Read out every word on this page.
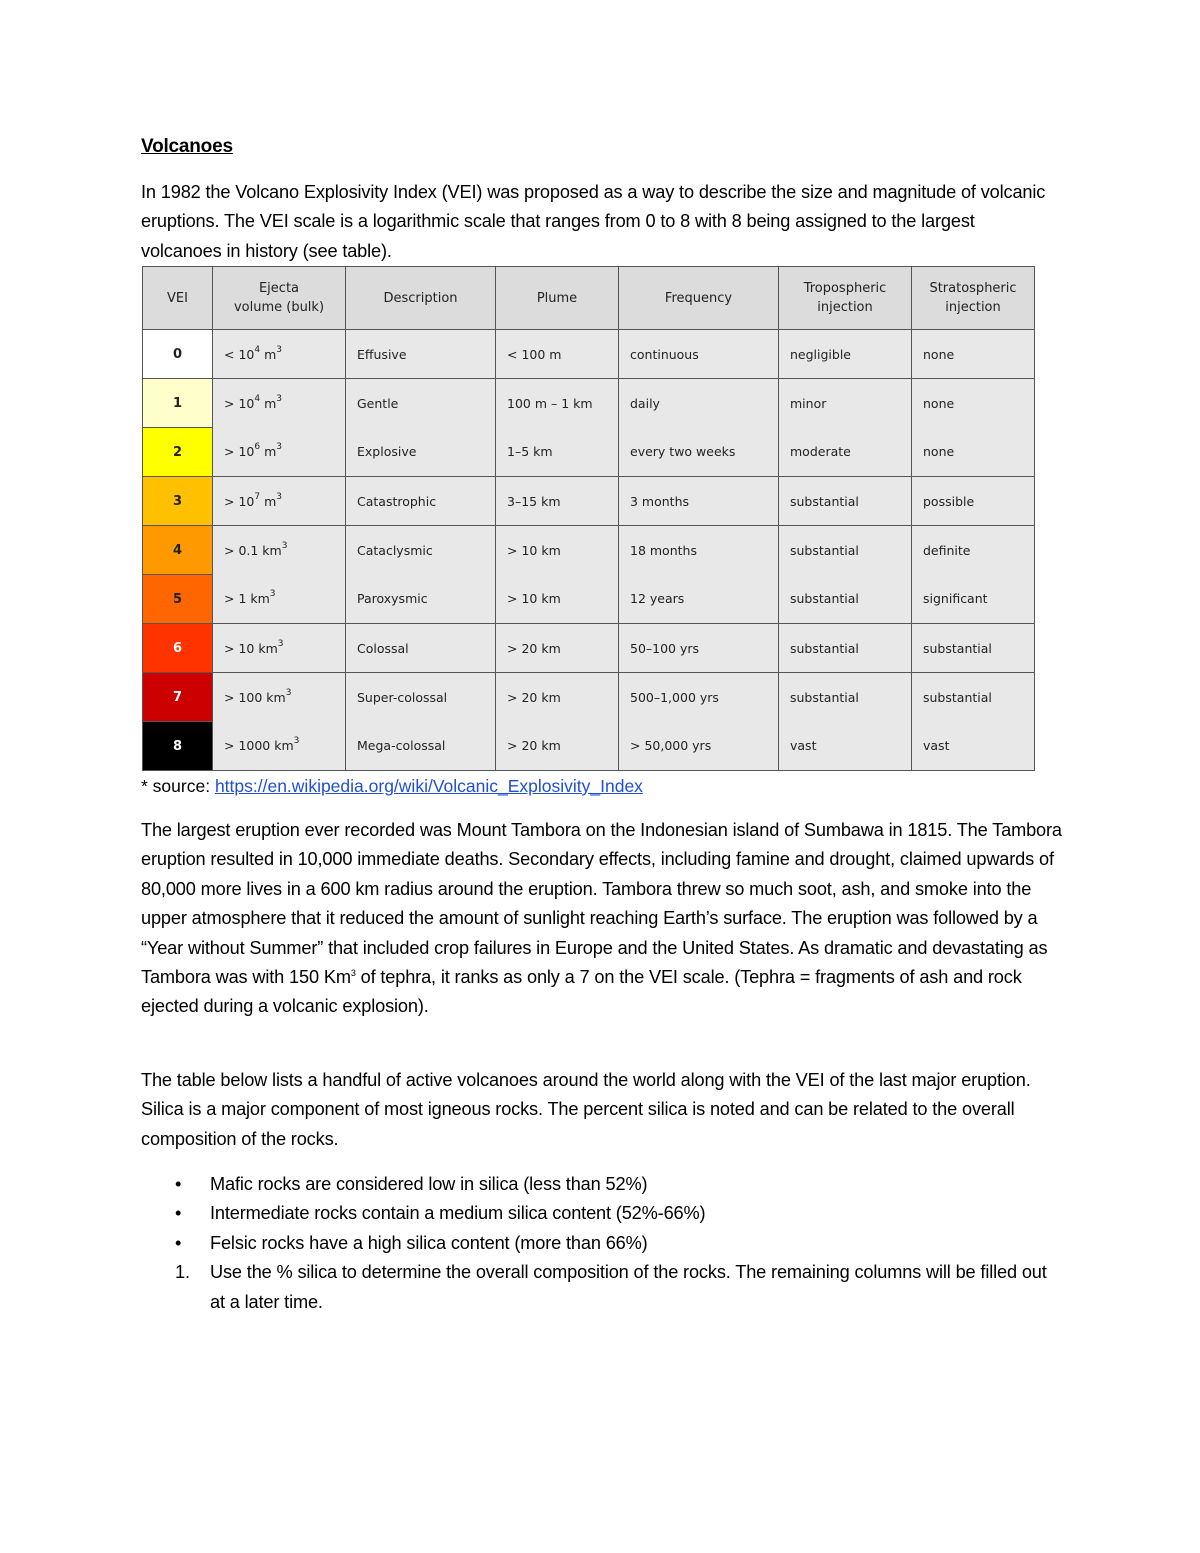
Volcanoes
In 1982 the Volcano Explosivity Index (VEI) was proposed as a way to describe the size and magnitude of volcanic eruptions. The VEI scale is a logarithmic scale that ranges from 0 to 8 with 8 being assigned to the largest volcanoes in history (see table).
VEI	Ejecta volume (bulk)	Description	Plume	Frequency	Tropospheric injection	Stratospheric injection

0	< $10^4$ $m^3$	Effusive	< 100 m	continuous	negligible	none
1	> $10^4$ $m^3$	Gentle	100 m – 1 km	daily	minor	none
2	> $10^6$ $m^3$	Explosive	1–5 km	every two weeks	moderate	none
3	> $10^7$ $m^3$	Catastrophic	3–15 km	3 months	substantial	possible
4	> 0.1 $km^3$	Cataclysmic	> 10 km	18 months	substantial	definite
5	> 1 $km^3$	Paroxysmic	> 10 km	12 years	substantial	significant
6	> 10 $km^3$	Colossal	> 20 km	50–100 yrs	substantial	substantial
7	> 100 $km^3$	Super-colossal	> 20 km	500–1,000 yrs	substantial	substantial
8	> 1000 $km^3$	Mega-colossal	> 20 km	> 50,000 yrs	vast	vast
* source: https://en.wikipedia.org/wiki/Volcanic_Explosivity_Index
The largest eruption ever recorded was Mount Tambora on the Indonesian island of Sumbawa in 1815. The Tambora eruption resulted in 10,000 immediate deaths. Secondary effects, including famine and drought, claimed upwards of 80,000 more lives in a 600 km radius around the eruption. Tambora threw so much soot, ash, and smoke into the upper atmosphere that it reduced the amount of sunlight reaching Earth’s surface. The eruption was followed by a “Year without Summer” that included crop failures in Europe and the United States. As dramatic and devastating as Tambora was with 150 Km$^3$ of tephra, it ranks as only a 7 on the VEI scale. (Tephra = fragments of ash and rock ejected during a volcanic explosion).
The table below lists a handful of active volcanoes around the world along with the VEI of the last major eruption. Silica is a major component of most igneous rocks. The percent silica is noted and can be related to the overall composition of the rocks.
• Mafic rocks are considered low in silica (less than 52%)
• Intermediate rocks contain a medium silica content (52%-66%)
• Felsic rocks have a high silica content (more than 66%)
1. Use the % silica to determine the overall composition of the rocks. The remaining columns will be filled out at a later time.
